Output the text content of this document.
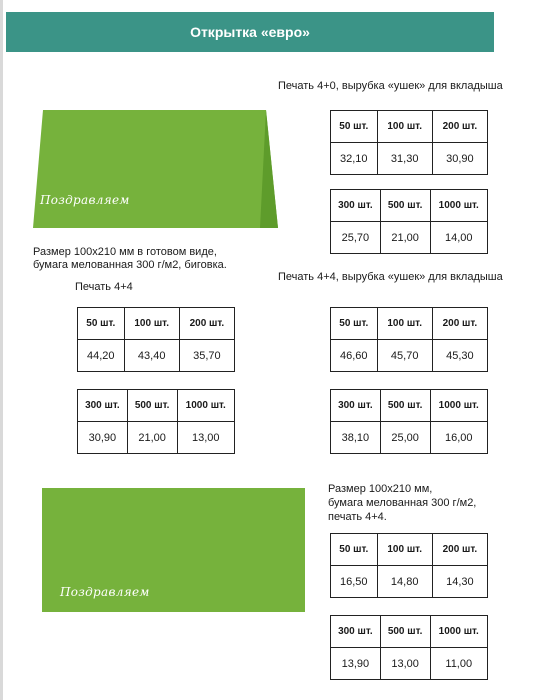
Открытка «евро»
Печать 4+0, вырубка «ушек» для вкладыша
50 шт.	100 шт.	200 шт.
32,10	31,30	30,90
300 шт.	500 шт.	1000 шт.
25,70	21,00	14,00
Поздравляем
Размер 100х210 мм в готовом виде,
бумага мелованная 300 г/м2, биговка.
Печать 4+4
50 шт.	100 шт.	200 шт.
44,20	43,40	35,70
300 шт.	500 шт.	1000 шт.
30,90	21,00	13,00
Печать 4+4, вырубка «ушек» для вкладыша
50 шт.	100 шт.	200 шт.
46,60	45,70	45,30
300 шт.	500 шт.	1000 шт.
38,10	25,00	16,00
Поздравляем
Размер 100х210 мм,
бумага мелованная 300 г/м2,
печать 4+4.
50 шт.	100 шт.	200 шт.
16,50	14,80	14,30
300 шт.	500 шт.	1000 шт.
13,90	13,00	11,00
